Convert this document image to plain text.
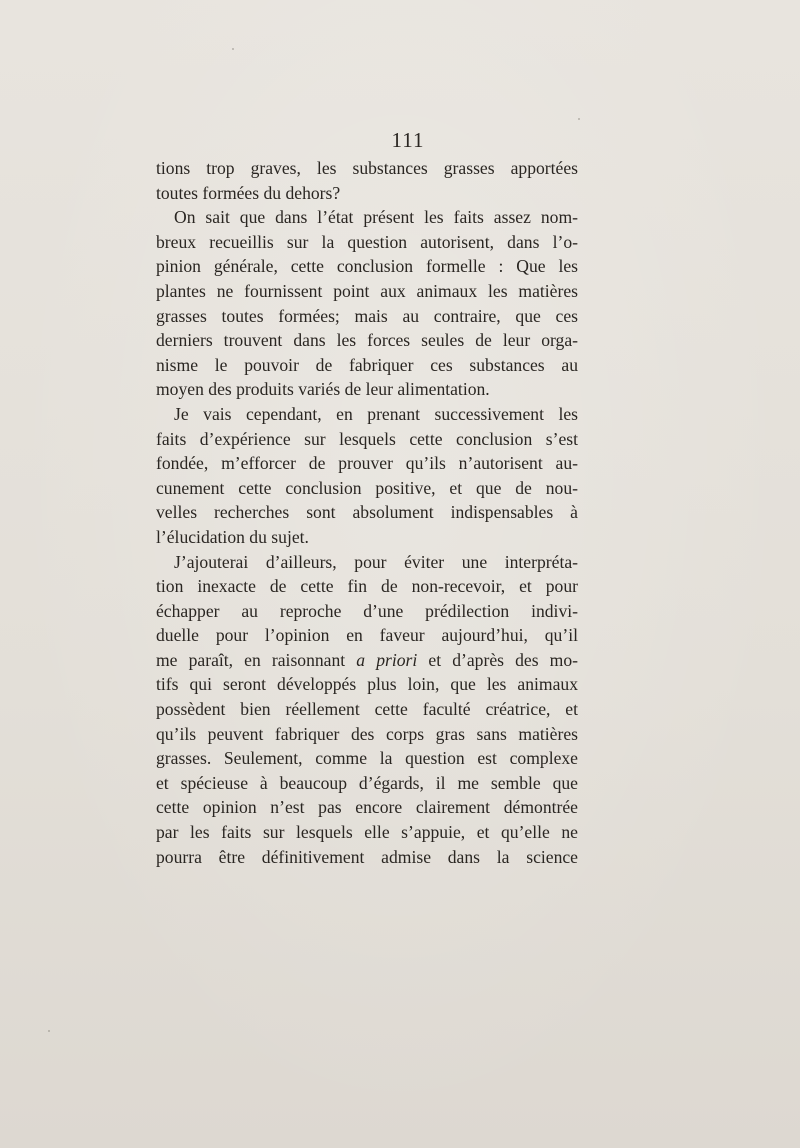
111
tions trop graves, les substances grasses apportées
toutes formées du dehors?
On sait que dans l’état présent les faits assez nom-
breux recueillis sur la question autorisent, dans l’o-
pinion générale, cette conclusion formelle : Que les
plantes ne fournissent point aux animaux les matières
grasses toutes formées; mais au contraire, que ces
derniers trouvent dans les forces seules de leur orga-
nisme le pouvoir de fabriquer ces substances au
moyen des produits variés de leur alimentation.
Je vais cependant, en prenant successivement les
faits d’expérience sur lesquels cette conclusion s’est
fondée, m’efforcer de prouver qu’ils n’autorisent au-
cunement cette conclusion positive, et que de nou-
velles recherches sont absolument indispensables à
l’élucidation du sujet.
J’ajouterai d’ailleurs, pour éviter une interpréta-
tion inexacte de cette fin de non-recevoir, et pour
échapper au reproche d’une prédilection indivi-
duelle pour l’opinion en faveur aujourd’hui, qu’il
me paraît, en raisonnant a priori et d’après des mo-
tifs qui seront développés plus loin, que les animaux
possèdent bien réellement cette faculté créatrice, et
qu’ils peuvent fabriquer des corps gras sans matières
grasses. Seulement, comme la question est complexe
et spécieuse à beaucoup d’égards, il me semble que
cette opinion n’est pas encore clairement démontrée
par les faits sur lesquels elle s’appuie, et qu’elle ne
pourra être définitivement admise dans la science
